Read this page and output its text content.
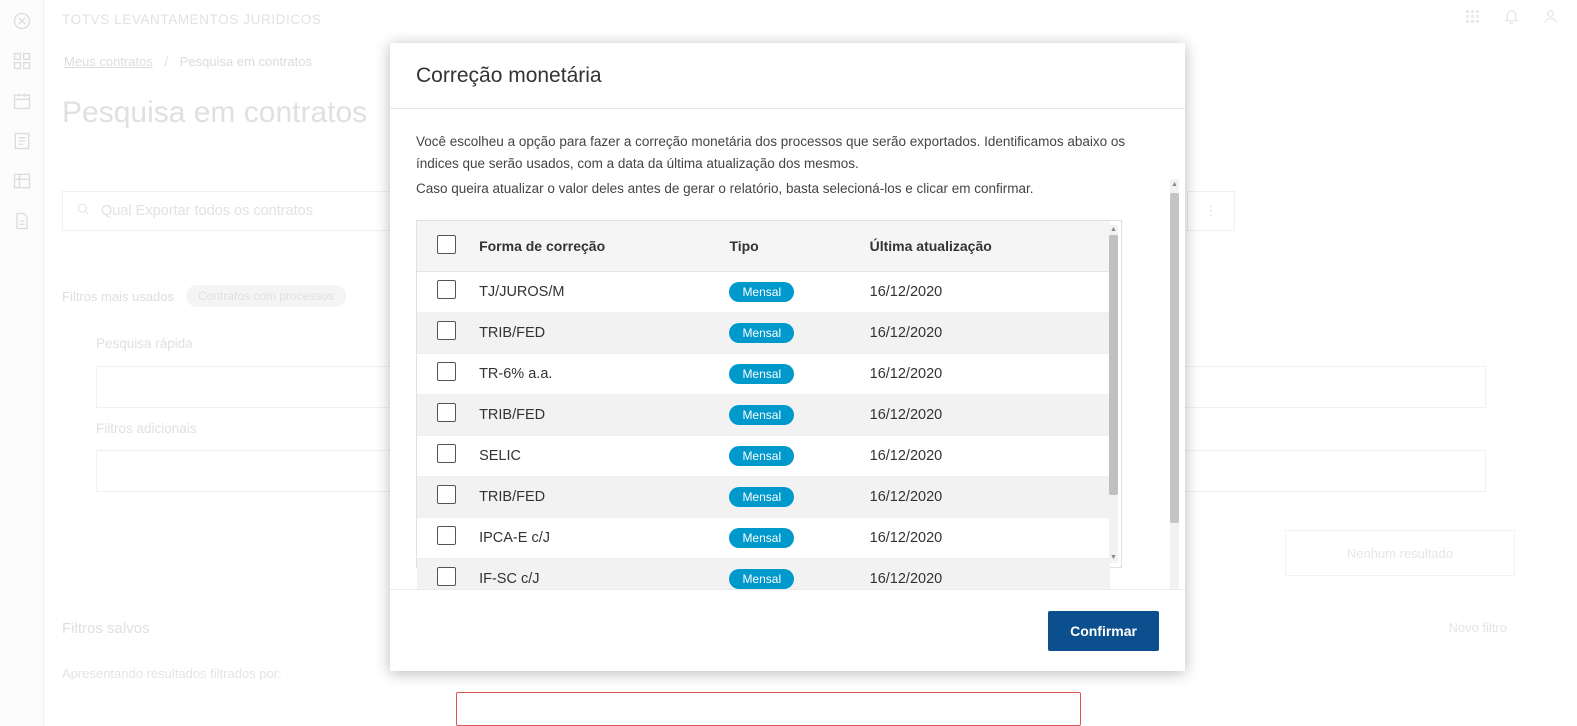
TOTVS LEVANTAMENTOS JURIDICOS
Meus contratos / Pesquisa em contratos
Pesquisa em contratos
Qual Exportar todos os contratos	⋮
Filtros mais usados Contratos com processos
Pesquisa rápida
Filtros adicionais
Nenhum resultado
Filtros salvos	Novo filtro
Apresentando resultados filtrados por:
Correção monetária

Você escolheu a opção para fazer a correção monetária dos processos que serão exportados. Identificamos abaixo os índices que serão usados, com a data da última atualização dos mesmos.

Caso queira atualizar o valor deles antes de gerar o relatório, basta selecioná-los e clicar em confirmar.

	Forma de correção	Tipo	Última atualização
	TJ/JUROS/M	Mensal	16/12/2020
	TRIB/FED	Mensal	16/12/2020
	TR-6% a.a.	Mensal	16/12/2020
	TRIB/FED	Mensal	16/12/2020
	SELIC	Mensal	16/12/2020
	TRIB/FED	Mensal	16/12/2020
	IPCA-E c/J	Mensal	16/12/2020
	IF-SC c/J	Mensal	16/12/2020
▲
▼
▲
Confirmar
